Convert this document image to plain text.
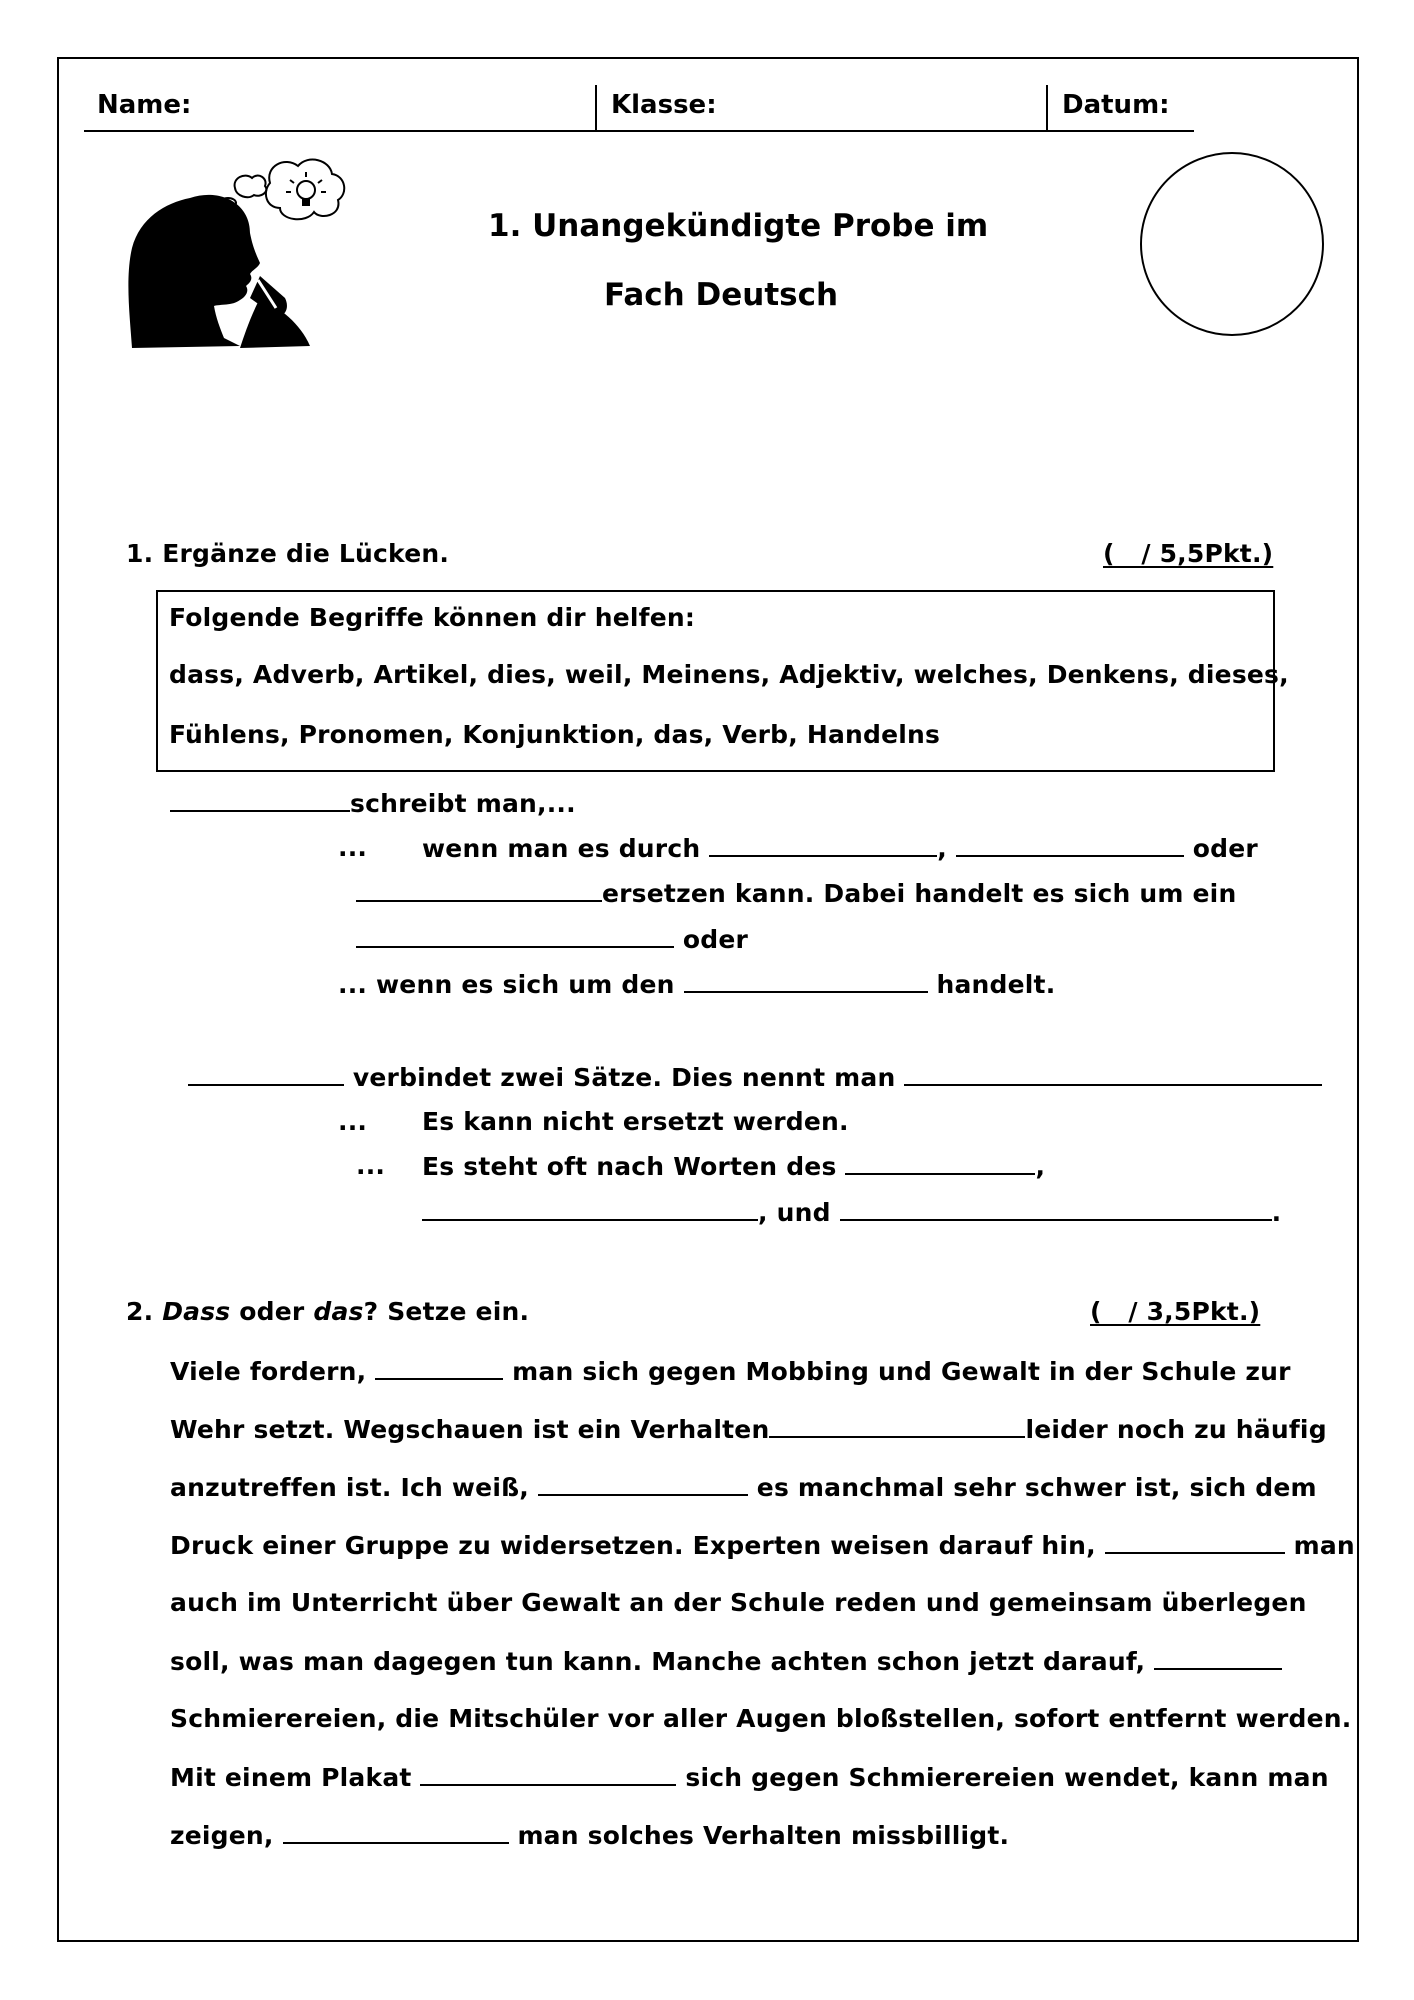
Name:	Klasse:	Datum:
1. Unangekündigte Probe im
Fach Deutsch
1. Ergänze die Lücken.	(   / 5,5Pkt.)
Folgende Begriffe können dir helfen:
dass, Adverb, Artikel, dies, weil, Meinens, Adjektiv, welches, Denkens, dieses,
Fühlens, Pronomen, Konjunktion, das, Verb, Handelns
schreibt man,...
... wenn man es durch	,	oder
ersetzen kann. Dabei handelt es sich um ein
oder
... wenn es sich um den	handelt.
verbindet zwei Sätze. Dies nennt man
... Es kann nicht ersetzt werden.
... Es steht oft nach Worten des	,
, und	.
2. Dass oder das? Setze ein.	(   / 3,5Pkt.)
Viele fordern,	man sich gegen Mobbing und Gewalt in der Schule zur
Wehr setzt. Wegschauen ist ein Verhalten	leider noch zu häufig
anzutreffen ist. Ich weiß,	es manchmal sehr schwer ist, sich dem
Druck einer Gruppe zu widersetzen. Experten weisen darauf hin,	man
auch im Unterricht über Gewalt an der Schule reden und gemeinsam überlegen
soll, was man dagegen tun kann. Manche achten schon jetzt darauf,
Schmierereien, die Mitschüler vor aller Augen bloßstellen, sofort entfernt werden.
Mit einem Plakat	sich gegen Schmierereien wendet, kann man
zeigen,	man solches Verhalten missbilligt.
